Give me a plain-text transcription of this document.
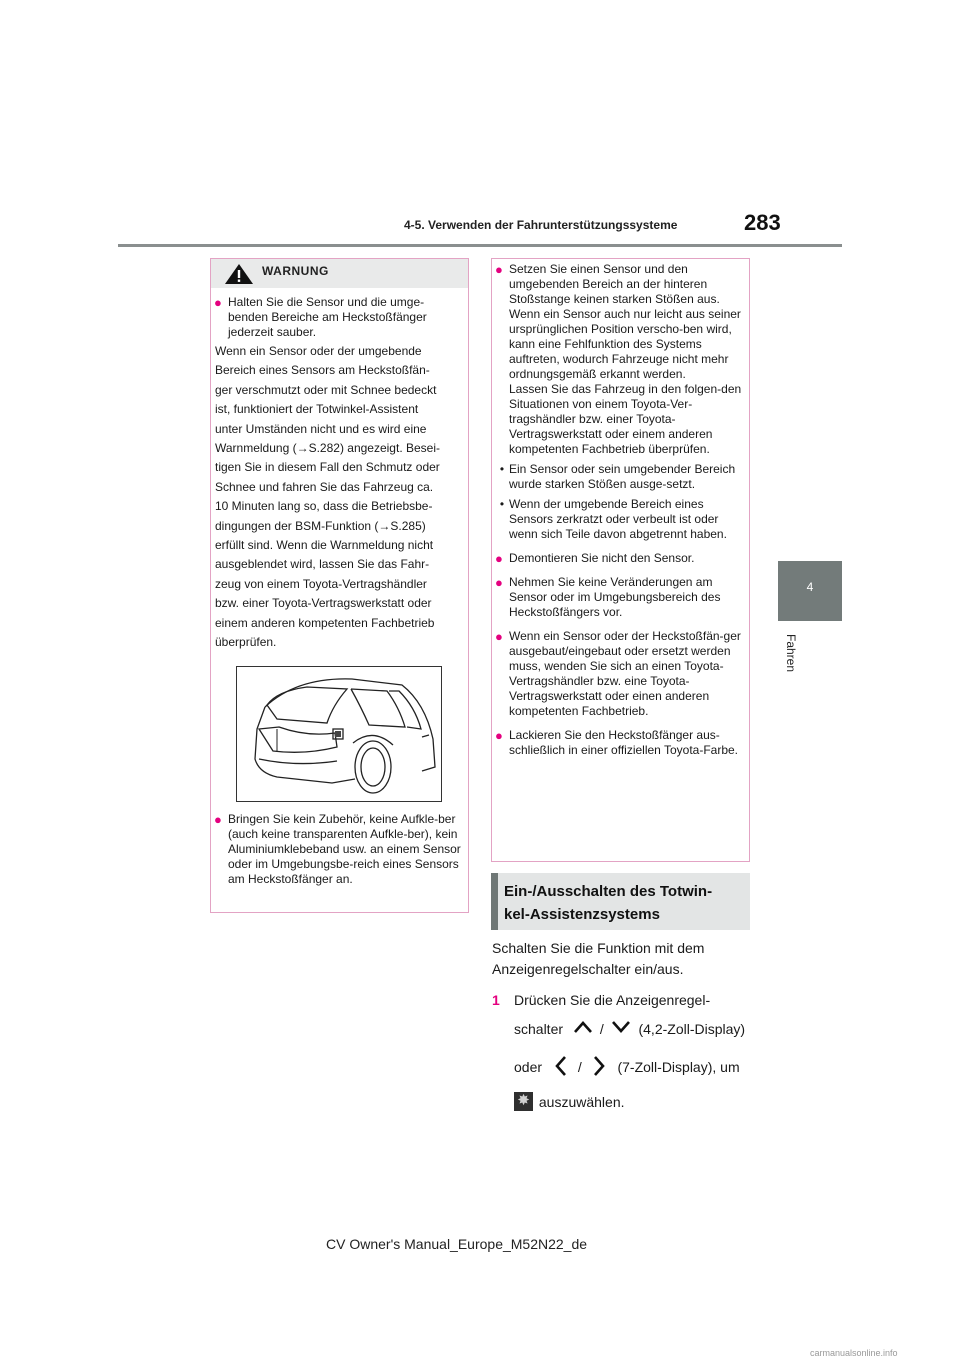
4-5. Verwenden der Fahrunterstützungssysteme	283
4
Fahren
WARNUNG
● Halten Sie die Sensor und die umge-benden Bereiche am Heckstoßfänger jederzeit sauber.
Wenn ein Sensor oder der umgebende
Bereich eines Sensors am Heckstoßfän-
ger verschmutzt oder mit Schnee bedeckt
ist, funktioniert der Totwinkel-Assistent
unter Umständen nicht und es wird eine
Warnmeldung (→S.282) angezeigt. Besei-
tigen Sie in diesem Fall den Schmutz oder
Schnee und fahren Sie das Fahrzeug ca.
10 Minuten lang so, dass die Betriebsbe-
dingungen der BSM-Funktion (→S.285)
erfüllt sind. Wenn die Warnmeldung nicht
ausgeblendet wird, lassen Sie das Fahr-
zeug von einem Toyota-Vertragshändler
bzw. einer Toyota-Vertragswerkstatt oder
einem anderen kompetenten Fachbetrieb
überprüfen.
● Bringen Sie kein Zubehör, keine Aufkle-ber (auch keine transparenten Aufkle-ber), kein Aluminiumklebeband usw. an einem Sensor oder im Umgebungsbe-reich eines Sensors am Heckstoßfänger an.
● Setzen Sie einen Sensor und den umgebenden Bereich an der hinteren Stoßstange keinen starken Stößen aus. Wenn ein Sensor auch nur leicht aus seiner ursprünglichen Position verscho-ben wird, kann eine Fehlfunktion des Systems auftreten, wodurch Fahrzeuge nicht mehr ordnungsgemäß erkannt werden.
Lassen Sie das Fahrzeug in den folgen-den Situationen von einem Toyota-Ver-tragshändler bzw. einer Toyota-Vertragswerkstatt oder einem anderen kompetenten Fachbetrieb überprüfen.
• Ein Sensor oder sein umgebender Bereich wurde starken Stößen ausge-setzt.
• Wenn der umgebende Bereich eines Sensors zerkratzt oder verbeult ist oder wenn sich Teile davon abgetrennt haben.
● Demontieren Sie nicht den Sensor.
● Nehmen Sie keine Veränderungen am Sensor oder im Umgebungsbereich des Heckstoßfängers vor.
● Wenn ein Sensor oder der Heckstoßfän-ger ausgebaut/eingebaut oder ersetzt werden muss, wenden Sie sich an einen Toyota-Vertragshändler bzw. eine Toyota-Vertragswerkstatt oder einen anderen kompetenten Fachbetrieb.
● Lackieren Sie den Heckstoßfänger aus-schließlich in einer offiziellen Toyota-Farbe.
Ein-/Ausschalten des Totwin-
kel-Assistenzsystems
Schalten Sie die Funktion mit dem
Anzeigenregelschalter ein/aus.
1 Drücken Sie die Anzeigenregel-
schalter	/ (4,2-Zoll-Display)
oder	/	(7-Zoll-Display), um
✸ auszuwählen.
CV Owner's Manual_Europe_M52N22_de
carmanualsonline.info
